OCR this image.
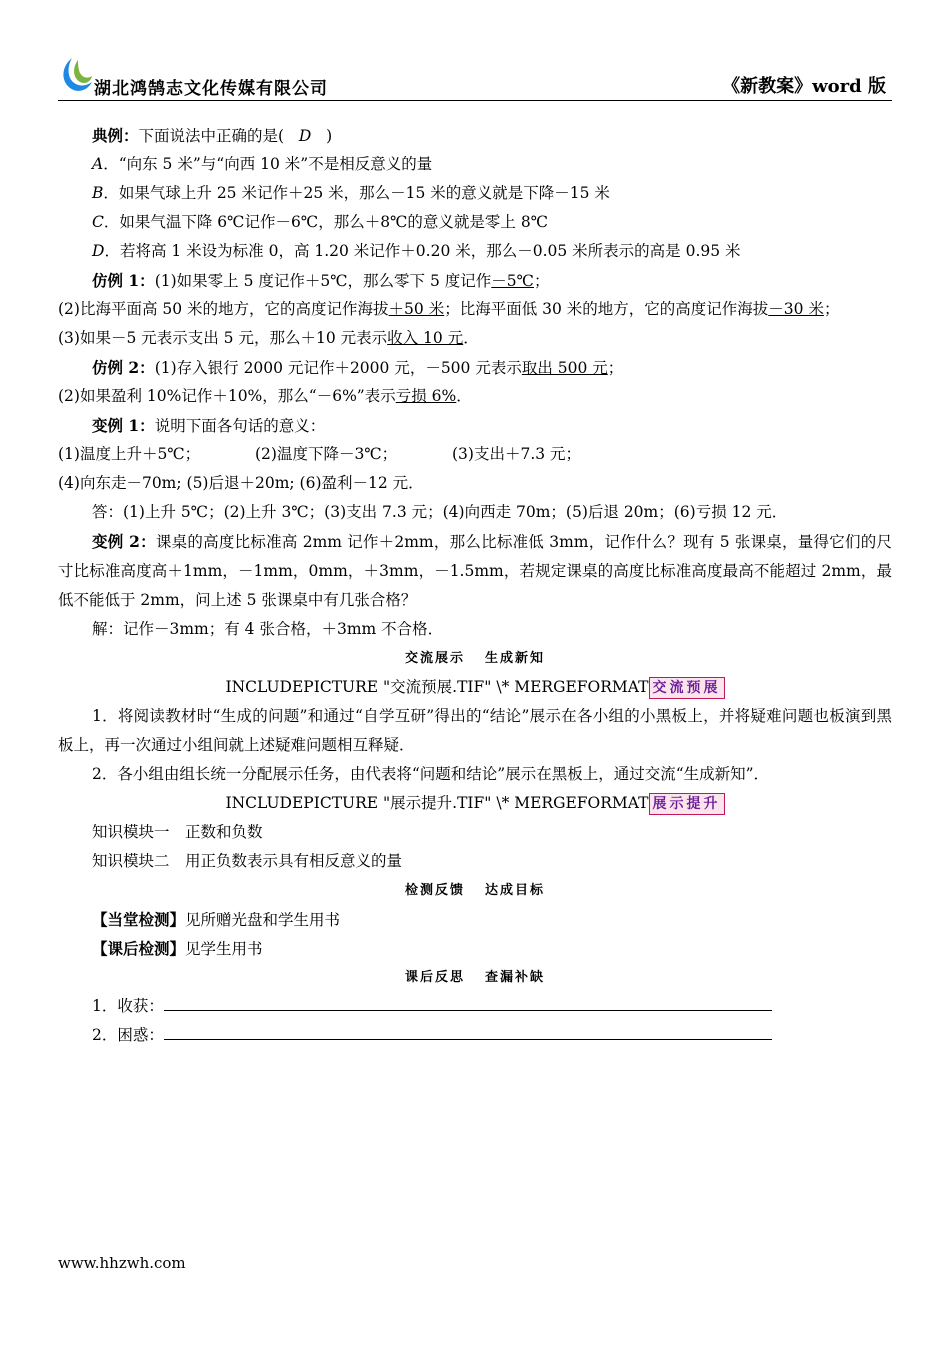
湖北鸿鹄志文化传媒有限公司	《新教案》word 版
典例：下面说法中正确的是( D )
A．“向东 5 米”与“向西 10 米”不是相反意义的量
B．如果气球上升 25 米记作＋25 米，那么－15 米的意义就是下降－15 米
C．如果气温下降 6℃记作－6℃，那么＋8℃的意义就是零上 8℃
D．若将高 1 米设为标准 0，高 1.20 米记作＋0.20 米，那么－0.05 米所表示的高是 0.95 米
仿例 1：(1)如果零上 5 度记作＋5℃，那么零下 5 度记作－5℃；
(2)比海平面高 50 米的地方，它的高度记作海拔＋50 米；比海平面低 30 米的地方，它的高度记作海拔－30 米；
(3)如果－5 元表示支出 5 元，那么＋10 元表示收入 10 元．
仿例 2：(1)存入银行 2000 元记作＋2000 元，－500 元表示取出 500 元；
(2)如果盈利 10%记作＋10%，那么“－6%”表示亏损 6%．
变例 1：说明下面各句话的意义：
(1)温度上升＋5℃；	(2)温度下降－3℃；	(3)支出＋7.3 元；
(4)向东走－70m; (5)后退＋20m; (6)盈利－12 元．
答：(1)上升 5℃；(2)上升 3℃；(3)支出 7.3 元；(4)向西走 70m；(5)后退 20m；(6)亏损 12 元．
变例 2：课桌的高度比标准高 2mm 记作＋2mm，那么比标准低 3mm，记作什么？现有 5 张课桌，量得它们的尺寸比标准高度高＋1mm，－1mm，0mm，＋3mm，－1.5mm，若规定课桌的高度比标准高度最高不能超过 2mm，最低不能低于 2mm，问上述 5 张课桌中有几张合格？
解：记作－3mm；有 4 张合格，＋3mm 不合格．
交流展示 生成新知
INCLUDEPICTURE "交流预展.TIF" \* MERGEFORMAT 交流预展
1．将阅读教材时“生成的问题”和通过“自学互研”得出的“结论”展示在各小组的小黑板上，并将疑难问题也板演到黑板上，再一次通过小组间就上述疑难问题相互释疑．
2．各小组由组长统一分配展示任务，由代表将“问题和结论”展示在黑板上，通过交流“生成新知”．
INCLUDEPICTURE "展示提升.TIF" \* MERGEFORMAT 展示提升
知识模块一　正数和负数
知识模块二　用正负数表示具有相反意义的量
检测反馈 达成目标
【当堂检测】见所赠光盘和学生用书
【课后检测】见学生用书
课后反思 查漏补缺
1．收获：
2．困惑：
www.hhzwh.com
